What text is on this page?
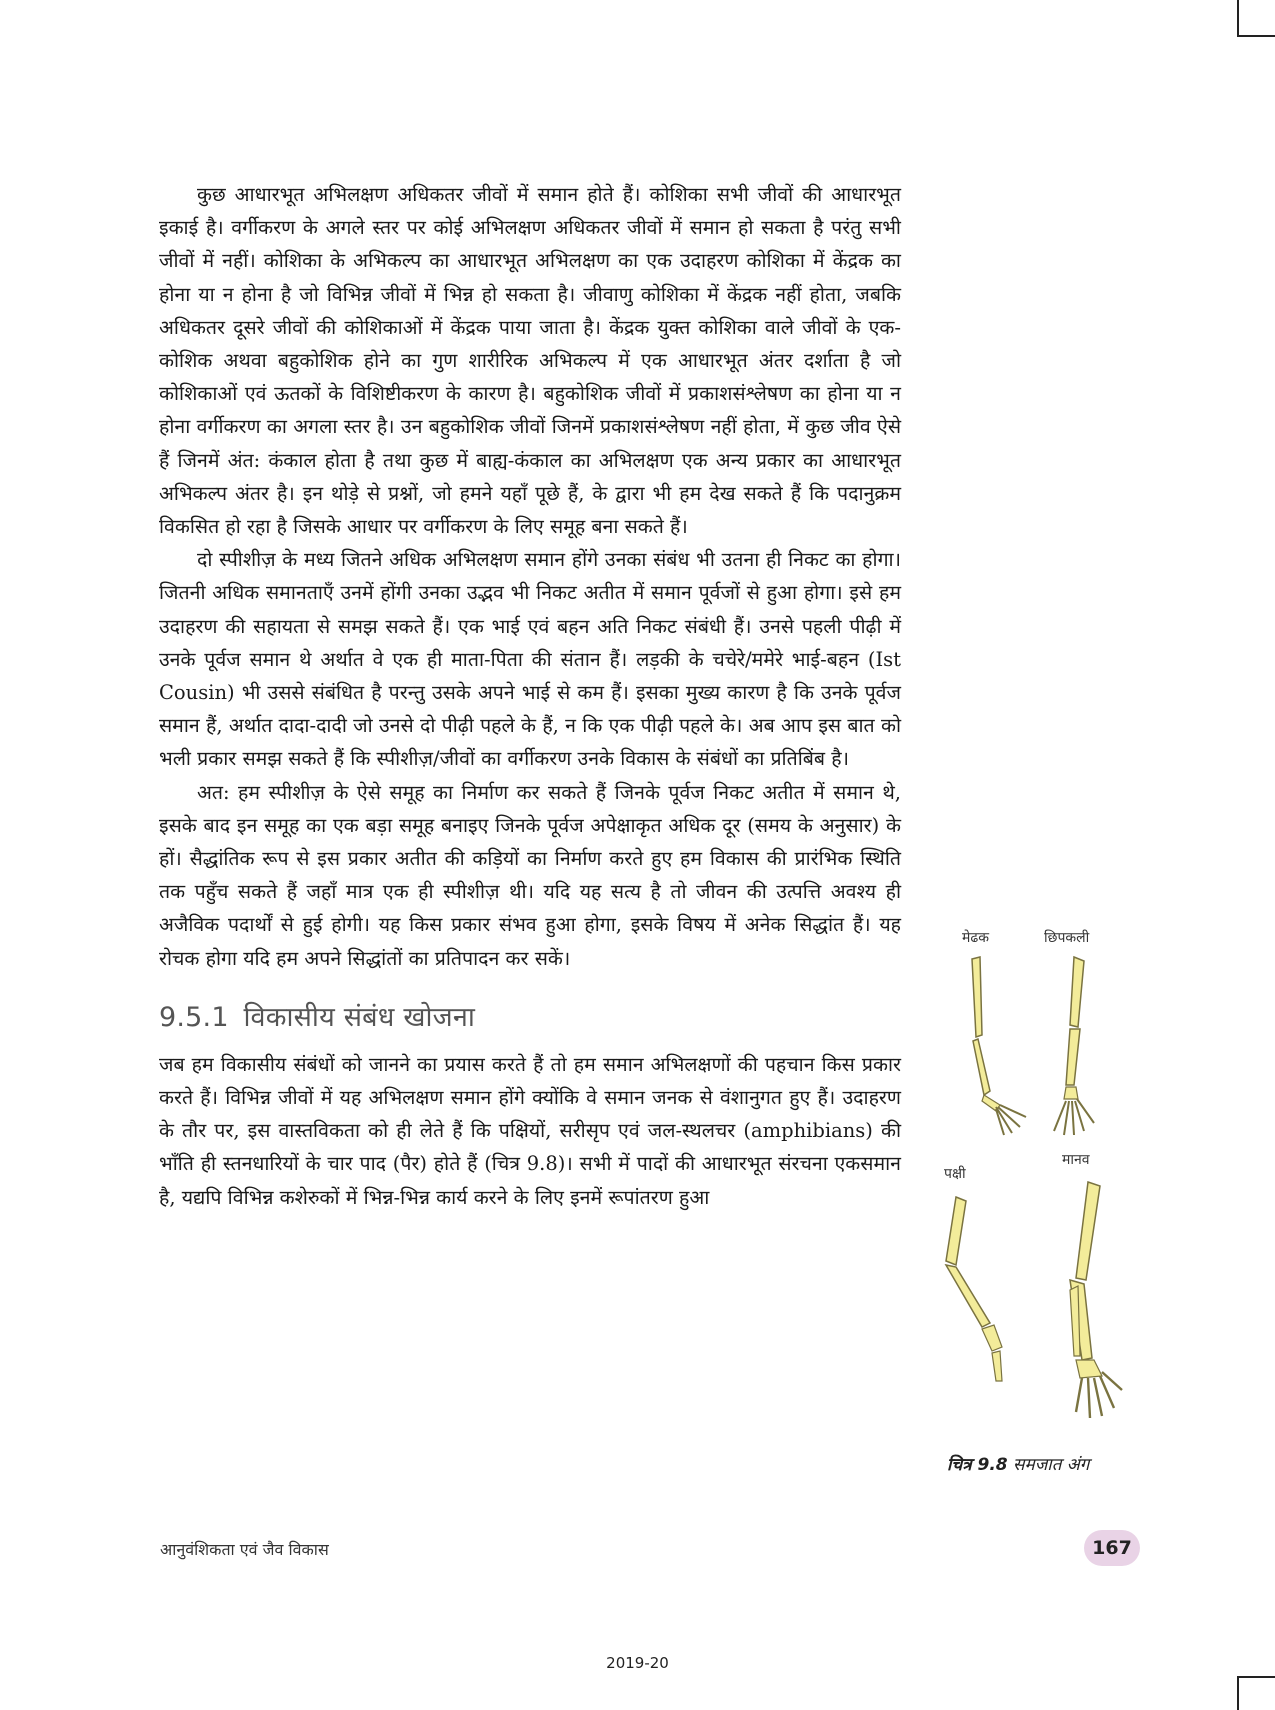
कुछ आधारभूत अभिलक्षण अधिकतर जीवों में समान होते हैं। कोशिका सभी जीवों की आधारभूत इकाई है। वर्गीकरण के अगले स्तर पर कोई अभिलक्षण अधिकतर जीवों में समान हो सकता है परंतु सभी जीवों में नहीं। कोशिका के अभिकल्प का आधारभूत अभिलक्षण का एक उदाहरण कोशिका में केंद्रक का होना या न होना है जो विभिन्न जीवों में भिन्न हो सकता है। जीवाणु कोशिका में केंद्रक नहीं होता, जबकि अधिकतर दूसरे जीवों की कोशिकाओं में केंद्रक पाया जाता है। केंद्रक युक्त कोशिका वाले जीवों के एक-कोशिक अथवा बहुकोशिक होने का गुण शारीरिक अभिकल्प में एक आधारभूत अंतर दर्शाता है जो कोशिकाओं एवं ऊतकों के विशिष्टीकरण के कारण है। बहुकोशिक जीवों में प्रकाशसंश्लेषण का होना या न होना वर्गीकरण का अगला स्तर है। उन बहुकोशिक जीवों जिनमें प्रकाशसंश्लेषण नहीं होता, में कुछ जीव ऐसे हैं जिनमें अंत: कंकाल होता है तथा कुछ में बाह्य-कंकाल का अभिलक्षण एक अन्य प्रकार का आधारभूत अभिकल्प अंतर है। इन थोड़े से प्रश्नों, जो हमने यहाँ पूछे हैं, के द्वारा भी हम देख सकते हैं कि पदानुक्रम विकसित हो रहा है जिसके आधार पर वर्गीकरण के लिए समूह बना सकते हैं।

दो स्पीशीज़ के मध्य जितने अधिक अभिलक्षण समान होंगे उनका संबंध भी उतना ही निकट का होगा। जितनी अधिक समानताएँ उनमें होंगी उनका उद्भव भी निकट अतीत में समान पूर्वजों से हुआ होगा। इसे हम उदाहरण की सहायता से समझ सकते हैं। एक भाई एवं बहन अति निकट संबंधी हैं। उनसे पहली पीढ़ी में उनके पूर्वज समान थे अर्थात वे एक ही माता-पिता की संतान हैं। लड़की के चचेरे/ममेरे भाई-बहन (Ist Cousin) भी उससे संबंधित है परन्तु उसके अपने भाई से कम हैं। इसका मुख्य कारण है कि उनके पूर्वज समान हैं, अर्थात दादा-दादी जो उनसे दो पीढ़ी पहले के हैं, न कि एक पीढ़ी पहले के। अब आप इस बात को भली प्रकार समझ सकते हैं कि स्पीशीज़/जीवों का वर्गीकरण उनके विकास के संबंधों का प्रतिबिंब है।

अत: हम स्पीशीज़ के ऐसे समूह का निर्माण कर सकते हैं जिनके पूर्वज निकट अतीत में समान थे, इसके बाद इन समूह का एक बड़ा समूह बनाइए जिनके पूर्वज अपेक्षाकृत अधिक दूर (समय के अनुसार) के हों। सैद्धांतिक रूप से इस प्रकार अतीत की कड़ियों का निर्माण करते हुए हम विकास की प्रारंभिक स्थिति तक पहुँच सकते हैं जहाँ मात्र एक ही स्पीशीज़ थी। यदि यह सत्य है तो जीवन की उत्पत्ति अवश्य ही अजैविक पदार्थों से हुई होगी। यह किस प्रकार संभव हुआ होगा, इसके विषय में अनेक सिद्धांत हैं। यह रोचक होगा यदि हम अपने सिद्धांतों का प्रतिपादन कर सकें।

9.5.1 विकासीय संबंध खोजना

जब हम विकासीय संबंधों को जानने का प्रयास करते हैं तो हम समान अभिलक्षणों की पहचान किस प्रकार करते हैं। विभिन्न जीवों में यह अभिलक्षण समान होंगे क्योंकि वे समान जनक से वंशानुगत हुए हैं। उदाहरण के तौर पर, इस वास्तविकता को ही लेते हैं कि पक्षियों, सरीसृप एवं जल-स्थलचर (amphibians) की भाँति ही स्तनधारियों के चार पाद (पैर) होते हैं (चित्र 9.8)। सभी में पादों की आधारभूत संरचना एकसमान है, यद्यपि विभिन्न कशेरुकों में भिन्न-भिन्न कार्य करने के लिए इनमें रूपांतरण हुआ

मेढक	छिपकली
पक्षी
मानव
चित्र 9.8 समजात अंग
आनुवंशिकता एवं जैव विकास	167
2019-20
